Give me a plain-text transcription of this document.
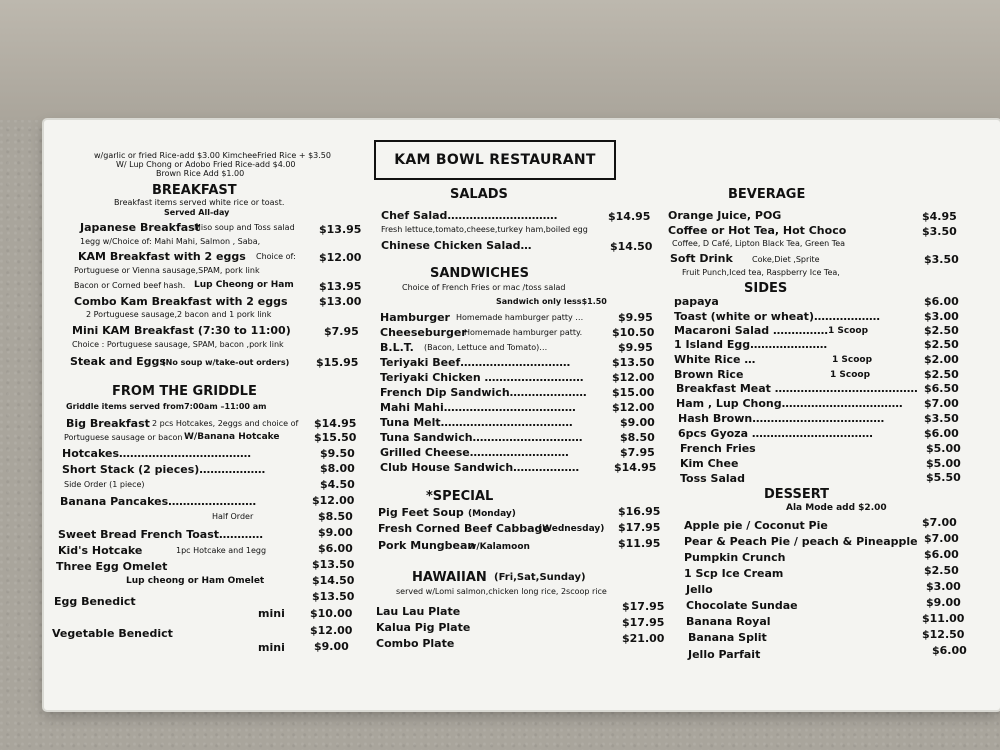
KAM BOWL RESTAURANT
w/garlic or fried Rice-add $3.00 KimcheeFried Rice + $3.50
W/ Lup Chong or Adobo Fried Rice-add $4.00
Brown Rice Add $1.00
BREAKFAST
Breakfast items served white rice or toast.
Served All-day
Japanese Breakfast
Miso soup and Toss salad $13.95
1egg w/Choice of: Mahi Mahi, Salmon , Saba,
KAM Breakfast with 2 eggs Choice of: $12.00
Portuguese or Vienna sausage,SPAM, pork link
Bacon or Corned beef hash. Lup Cheong or Ham $13.95
Combo Kam Breakfast with 2 eggs	$13.00
2 Portuguese sausage,2 bacon and 1 pork link
Mini KAM Breakfast (7:30 to 11:00)	$7.95
Choice : Portuguese sausage, SPAM, bacon ,pork link
Steak and Eggs
(No soup w/take-out orders) $15.95
FROM THE GRIDDLE
Griddle items served from7:00am –11:00 am
Big Breakfast 2 pcs Hotcakes, 2eggs and choice of $14.95
Portuguese sausage or bacon W/Banana Hotcake	$15.50
Hotcakes………………………………	$9.50
Short Stack (2 pieces)………………	$8.00
Side Order (1 piece)	$4.50
Banana Pancakes……………………	$12.00
Half Order	$8.50
Sweet Bread French Toast…………	$9.00
Kid's Hotcake	1pc Hotcake and 1egg	$6.00
Three Egg Omelet	$13.50
Lup cheong or Ham Omelet	$14.50
Egg Benedict	$13.50
mini $10.00
Vegetable Benedict	$12.00
mini	$9.00
SALADS
Chef Salad…………………………	$14.95
Fresh lettuce,tomato,cheese,turkey ham,boiled egg
Chinese Chicken Salad…	$14.50
SANDWICHES
Choice of French Fries or mac /toss salad
Sandwich only less$1.50
Hamburger Homemade hamburger patty …	$9.95
Cheeseburger
Homemade hamburger patty.	$10.50
B.L.T. (Bacon, Lettuce and Tomato)…	$9.95
Teriyaki Beef…………………………	$13.50
Teriyaki Chicken ………………………	$12.00
French Dip Sandwich………………… $15.00
Mahi Mahi………………………………	$12.00
Tuna Melt………………………………	$9.00
Tuna Sandwich…………………………	$8.50
Grilled Cheese………………………	$7.95
Club House Sandwich………………	$14.95
*SPECIAL
Pig Feet Soup (Monday)	$16.95
Fresh Corned Beef Cabbage
(Wednesday) $17.95
Pork Mungbean
w/Kalamoon	$11.95
HAWAIIAN (Fri,Sat,Sunday)
served w/Lomi salmon,chicken long rice, 2scoop rice
Lau Lau Plate	$17.95
Kalua Pig Plate	$17.95
Combo Plate	$21.00
BEVERAGE
Orange Juice, POG	$4.95
Coffee or Hot Tea, Hot Choco	$3.50
Coffee, D Café, Lipton Black Tea, Green Tea
Soft Drink Coke,Diet ,Sprite	$3.50
Fruit Punch,Iced tea, Raspberry Ice Tea,
SIDES
papaya	$6.00
Toast (white or wheat)………………	$3.00
Macaroni Salad …………… 1 Scoop	$2.50
1 Island Egg…………………	$2.50
White Rice …	1 Scoop	$2.00
Brown Rice	1 Scoop	$2.50
Breakfast Meat ………………………………… $6.50
Ham , Lup Chong…………………………… $7.00
Hash Brown………………………………	$3.50
6pcs Gyoza ……………………………	$6.00
French Fries	$5.00
Kim Chee	$5.00
Toss Salad	$5.50
DESSERT
Ala Mode add $2.00
Apple pie / Coconut Pie	$7.00
Pear & Peach Pie / peach & Pineapple $7.00
Pumpkin Crunch	$6.00
1 Scp Ice Cream	$2.50
Jello	$3.00
Chocolate Sundae	$9.00
Banana Royal	$11.00
Banana Split	$12.50
Jello Parfait	$6.00
